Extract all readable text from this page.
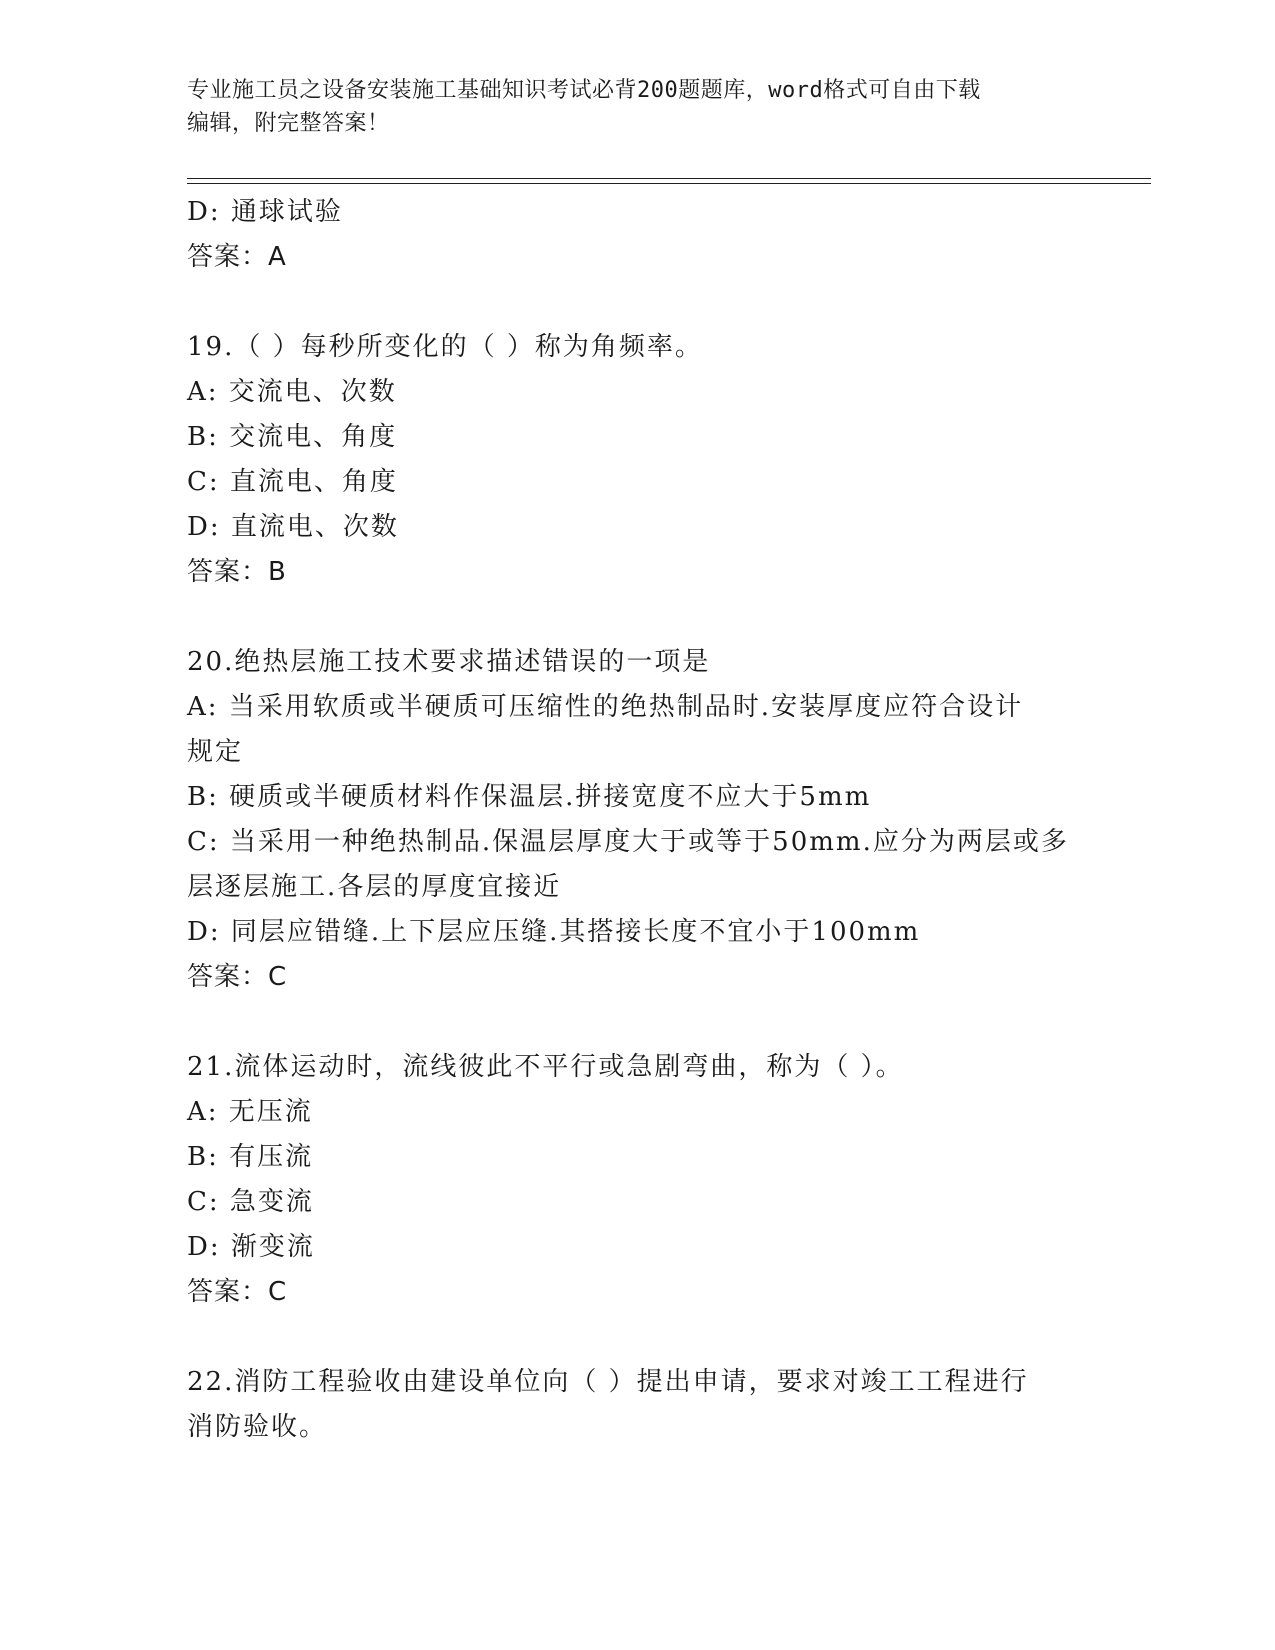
专业施工员之设备安装施工基础知识考试必背200题题库，word格式可自由下载
编辑，附完整答案！
D: 通球试验
答案：A
19.（ ）每秒所变化的（ ）称为角频率。
A: 交流电、次数
B: 交流电、角度
C: 直流电、角度
D: 直流电、次数
答案：B
20.绝热层施工技术要求描述错误的一项是
A: 当采用软质或半硬质可压缩性的绝热制品时.安装厚度应符合设计
规定
B: 硬质或半硬质材料作保温层.拼接宽度不应大于5mm
C: 当采用一种绝热制品.保温层厚度大于或等于50mm.应分为两层或多
层逐层施工.各层的厚度宜接近
D: 同层应错缝.上下层应压缝.其搭接长度不宜小于100mm
答案：C
21.流体运动时，流线彼此不平行或急剧弯曲，称为（ ）。
A: 无压流
B: 有压流
C: 急变流
D: 渐变流
答案：C
22.消防工程验收由建设单位向（ ）提出申请，要求对竣工工程进行
消防验收。
